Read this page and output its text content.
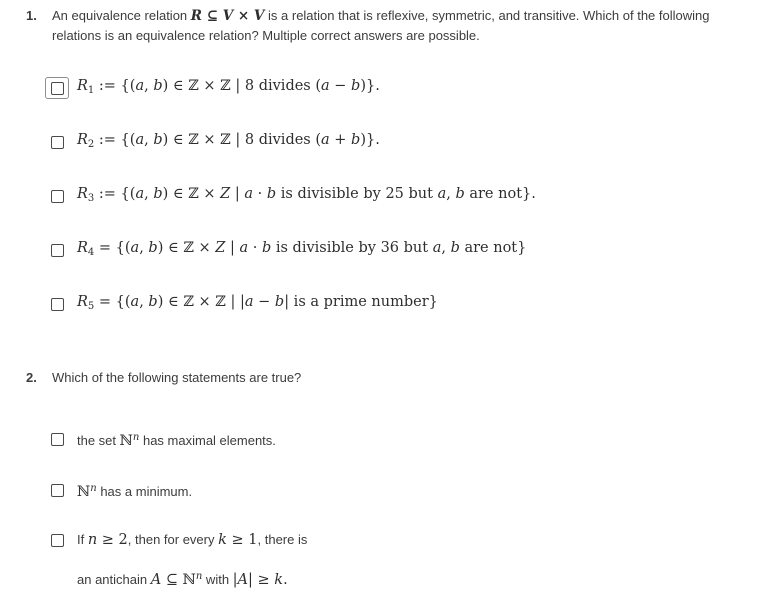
1.	An equivalence relation R ⊆ V × V is a relation that is reflexive, symmetric, and transitive. Which of the following relations is an equivalence relation? Multiple correct answers are possible.
R1 := {(a, b) ∈ ℤ × ℤ | 8 divides (a − b)}.
R2 := {(a, b) ∈ ℤ × ℤ | 8 divides (a + b)}.
R3 := {(a, b) ∈ ℤ × Z | a · b is divisible by 25 but a, b are not}.
R4 = {(a, b) ∈ ℤ × Z | a · b is divisible by 36 but a, b are not}
R5 = {(a, b) ∈ ℤ × ℤ | |a − b| is a prime number}
2.	Which of the following statements are true?
the set ℕ$^n$ has maximal elements.
ℕ$^n$ has a minimum.
If n ≥ 2, then for every k ≥ 1, there is
an antichain A ⊆ ℕ$^n$ with |A| ≥ k.
